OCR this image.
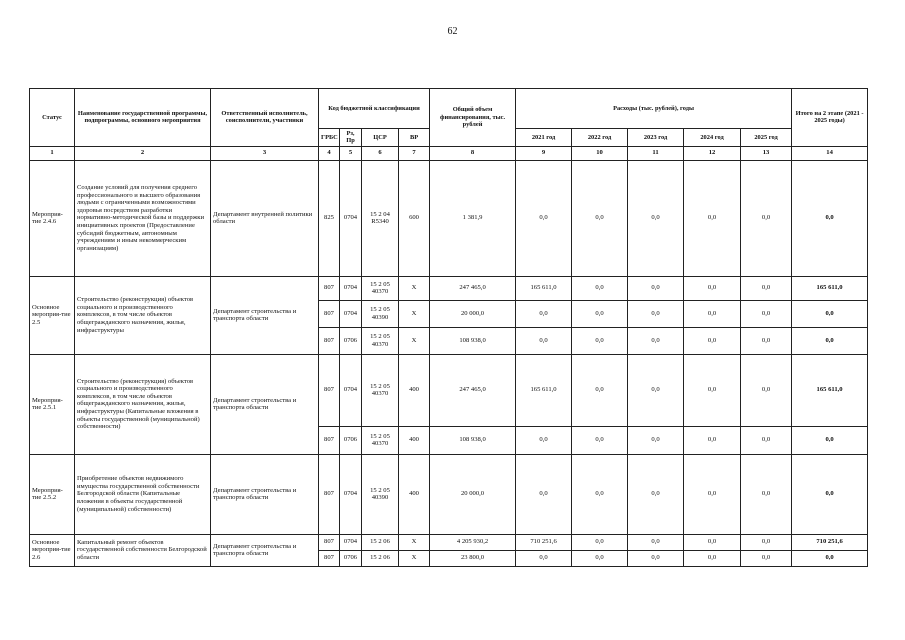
62
Статус	Наименование государственной программы, подпрограммы, основного мероприятия	Ответственный исполнитель, соисполнители, участники	Код бюджетной классификации				Общий объем финансирования, тыс. рублей	Расходы (тыс. рублей), годы					Итого на 2 этапе (2021 - 2025 годы)
			ГРБС	Рз, Пр	ЦСР	ВР		2021 год	2022 год	2023 год	2024 год	2025 год	
1	2	3	4	5	6	7	8	9	10	11	12	13	14
Мероприя-тие 2.4.6	Создание условий для получения среднего профессионального и высшего образования людьми с ограниченными возможностями здоровья посредством разработки нормативно-методической базы и поддержки инициативных проектов (Предоставление субсидий бюджетным, автономным учреждениям и иным некоммерческим организациям)	Департамент внутренней политики области	825	0704	15 2 04 R5340	600	1 381,9	0,0	0,0	0,0	0,0	0,0	0,0
Основное мероприя-тие 2.5	Строительство (реконструкция) объектов социального и производственного комплексов, в том числе объектов общегражданского назначения, жилья, инфраструктуры	Департамент строительства и транспорта области	807	0704	15 2 05 40370	Х	247 465,0	165 611,0	0,0	0,0	0,0	0,0	165 611,0
			807	0704	15 2 05 40390	Х	20 000,0	0,0	0,0	0,0	0,0	0,0	0,0
			807	0706	15 2 05 40370	Х	108 938,0	0,0	0,0	0,0	0,0	0,0	0,0
Мероприя-тие 2.5.1	Строительство (реконструкция) объектов социального и производственного комплексов, в том числе объектов общегражданского назначения, жилья, инфраструктуры (Капитальные вложения в объекты государственной (муниципальной) собственности)	Департамент строительства и транспорта области	807	0704	15 2 05 40370	400	247 465,0	165 611,0	0,0	0,0	0,0	0,0	165 611,0
			807	0706	15 2 05 40370	400	108 938,0	0,0	0,0	0,0	0,0	0,0	0,0
Мероприя-тие 2.5.2	Приобретение объектов недвижимого имущества государственной собственности Белгородской области (Капитальные вложения в объекты государственной (муниципальной) собственности)	Департамент строительства и транспорта области	807	0704	15 2 05 40390	400	20 000,0	0,0	0,0	0,0	0,0	0,0	0,0
Основное мероприя-тие 2.6	Капитальный ремонт объектов государственной собственности Белгородской области	Департамент строительства и транспорта области	807	0704	15 2 06	Х	4 205 930,2	710 251,6	0,0	0,0	0,0	0,0	710 251,6
			807	0706	15 2 06	Х	23 800,0	0,0	0,0	0,0	0,0	0,0	0,0
